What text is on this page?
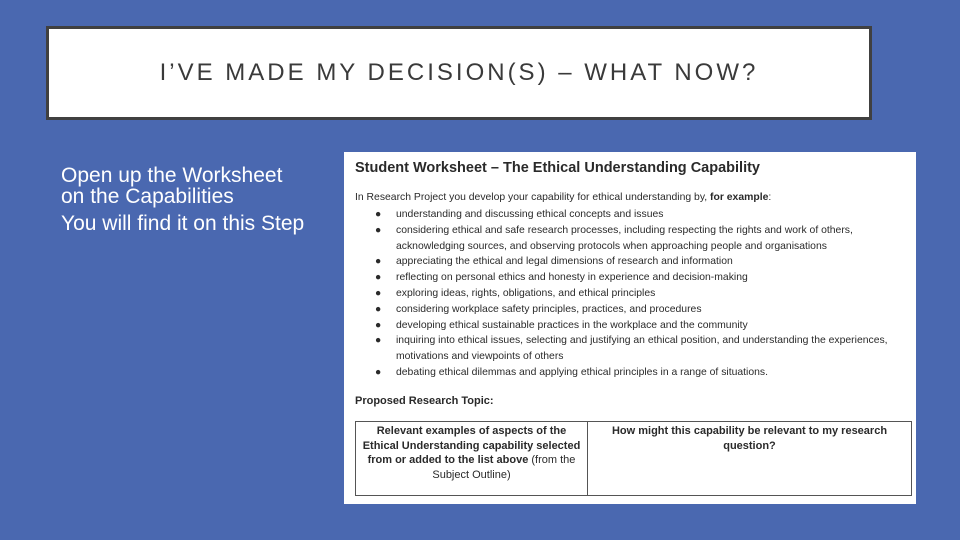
I’VE MADE MY DECISION(S) – WHAT NOW?

Open up the Worksheet on the Capabilities

You will find it on this Step

Student Worksheet – The Ethical Understanding Capability
In Research Project you develop your capability for ethical understanding by, for example:
● understanding and discussing ethical concepts and issues
● considering ethical and safe research processes, including respecting the rights and work of others, acknowledging sources, and observing protocols when approaching people and organisations
● appreciating the ethical and legal dimensions of research and information
● reflecting on personal ethics and honesty in experience and decision-making
● exploring ideas, rights, obligations, and ethical principles
● considering workplace safety principles, practices, and procedures
● developing ethical sustainable practices in the workplace and the community
● inquiring into ethical issues, selecting and justifying an ethical position, and understanding the experiences, motivations and viewpoints of others
● debating ethical dilemmas and applying ethical principles in a range of situations.
Proposed Research Topic:
Relevant examples of aspects of the Ethical Understanding capability selected from or added to the list above (from the Subject Outline)	How might this capability be relevant to my research question?
